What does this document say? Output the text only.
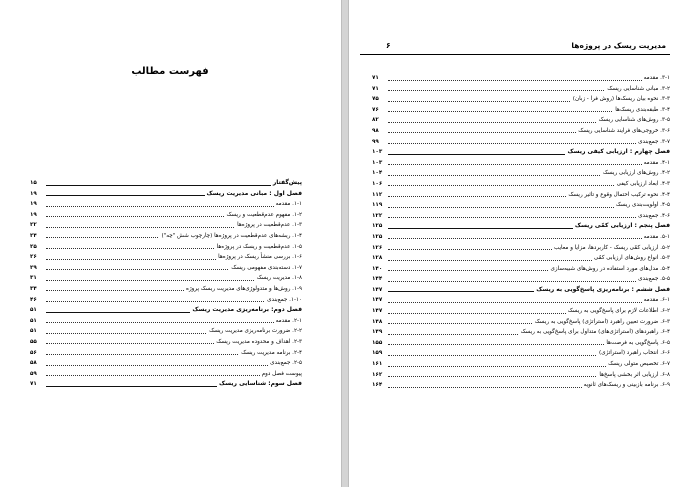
فهرست مطالب
مدیریت ریسک در پروژه‌ها
۶
پیش‌گفتار
۱۵
فصل اول : مبانی مدیریت ریسک
۱۹
۱-۱. مقدمه
۱۹
۱-۲. مفهوم عدم‌قطعیت و ریسک
۱۹
۱-۳. عدم‌قطعیت در پروژه‌ها
۲۲
۱-۴. ریشه‌های عدم‌قطعیت در پروژه‌ها (چارچوب شش "چه")
۲۴
۱-۵. عدم‌قطعیت و ریسک در پروژه‌ها
۲۵
۱-۶. بررسی منشأ ریسک در پروژه‌ها
۲۶
۱-۷. دسته‌بندی مفهومی ریسک
۲۹
۱-۸. مدیریت ریسک
۳۱
۱-۹. روش‌ها و متدولوژی‌های مدیریت ریسک پروژه
۳۴
۱-۱۰. جمع‌بندی
۴۶
فصل دوم: برنامه‌ریزی مدیریت ریسک
۵۱
۲-۱. مقدمه
۵۱
۲-۲. ضرورت برنامه‌ریزی مدیریت ریسک
۵۱
۲-۳. اهداف و محدوده مدیریت ریسک
۵۵
۲-۴. برنامه مدیریت ریسک
۵۶
۲-۵. جمع‌بندی
۵۸
پیوست فصل دوم
۵۹
فصل سوم: شناسایی ریسک
۷۱
۳-۱. مقدمه
۷۱
۳-۲. مبانی شناسایی ریسک
۷۱
۳-۳. نحوه بیان ریسک‌ها (روش فرا - زبان)
۷۵
۳-۴. طبقه‌بندی ریسک‌ها
۷۶
۳-۵. روش‌های شناسایی ریسک
۸۲
۳-۶. خروجی‌های فرایند شناسایی ریسک
۹۸
۳-۷. جمع‌بندی
۹۹
فصل چهارم : ارزیابی کیفی ریسک
۱۰۳
۴-۱. مقدمه
۱۰۳
۴-۲. روش‌های ارزیابی ریسک
۱۰۴
۴-۳. ابعاد ارزیابی کیفی
۱۰۶
۴-۴. نحوه ترکیب احتمال وقوع و تاثیر ریسک
۱۱۲
۴-۵. اولویت‌بندی ریسک
۱۱۹
۴-۶. جمع‌بندی
۱۲۲
فصل پنجم : ارزیابی کمّی ریسک
۱۲۵
۵-۱. مقدمه
۱۲۵
۵-۲. ارزیابی کمّی ریسک - کاربردها، مزایا و معایب
۱۲۶
۵-۳. انواع روش‌های ارزیابی کمّی
۱۲۸
۵-۴. مدل‌های مورد استفاده در روش‌های شبیه‌سازی
۱۴۰
۵-۵. جمع‌بندی
۱۴۴
فصل ششم : برنامه‌ریزی پاسخ‌گویی به ریسک
۱۴۷
۶-۱. مقدمه
۱۴۷
۶-۲. اطلاعات لازم برای پاسخ‌گویی به ریسک
۱۴۷
۶-۳. ضرورت تعیین راهبرد (استراتژی) پاسخ‌گویی به ریسک
۱۴۸
۶-۴. راهبردهای (استراتژی‌های) متداول برای پاسخ‌گویی به ریسک
۱۴۹
۶-۵. پاسخ‌گویی به فرصت‌ها
۱۵۵
۶-۶. انتخاب راهبرد (استراتژی)
۱۵۹
۶-۷. تخصیص متولی ریسک
۱۶۱
۶-۸. ارزیابی اثر بخشی پاسخ‌ها
۱۶۲
۶-۹. برنامه بازبینی و ریسک‌های ثانویه
۱۶۴
